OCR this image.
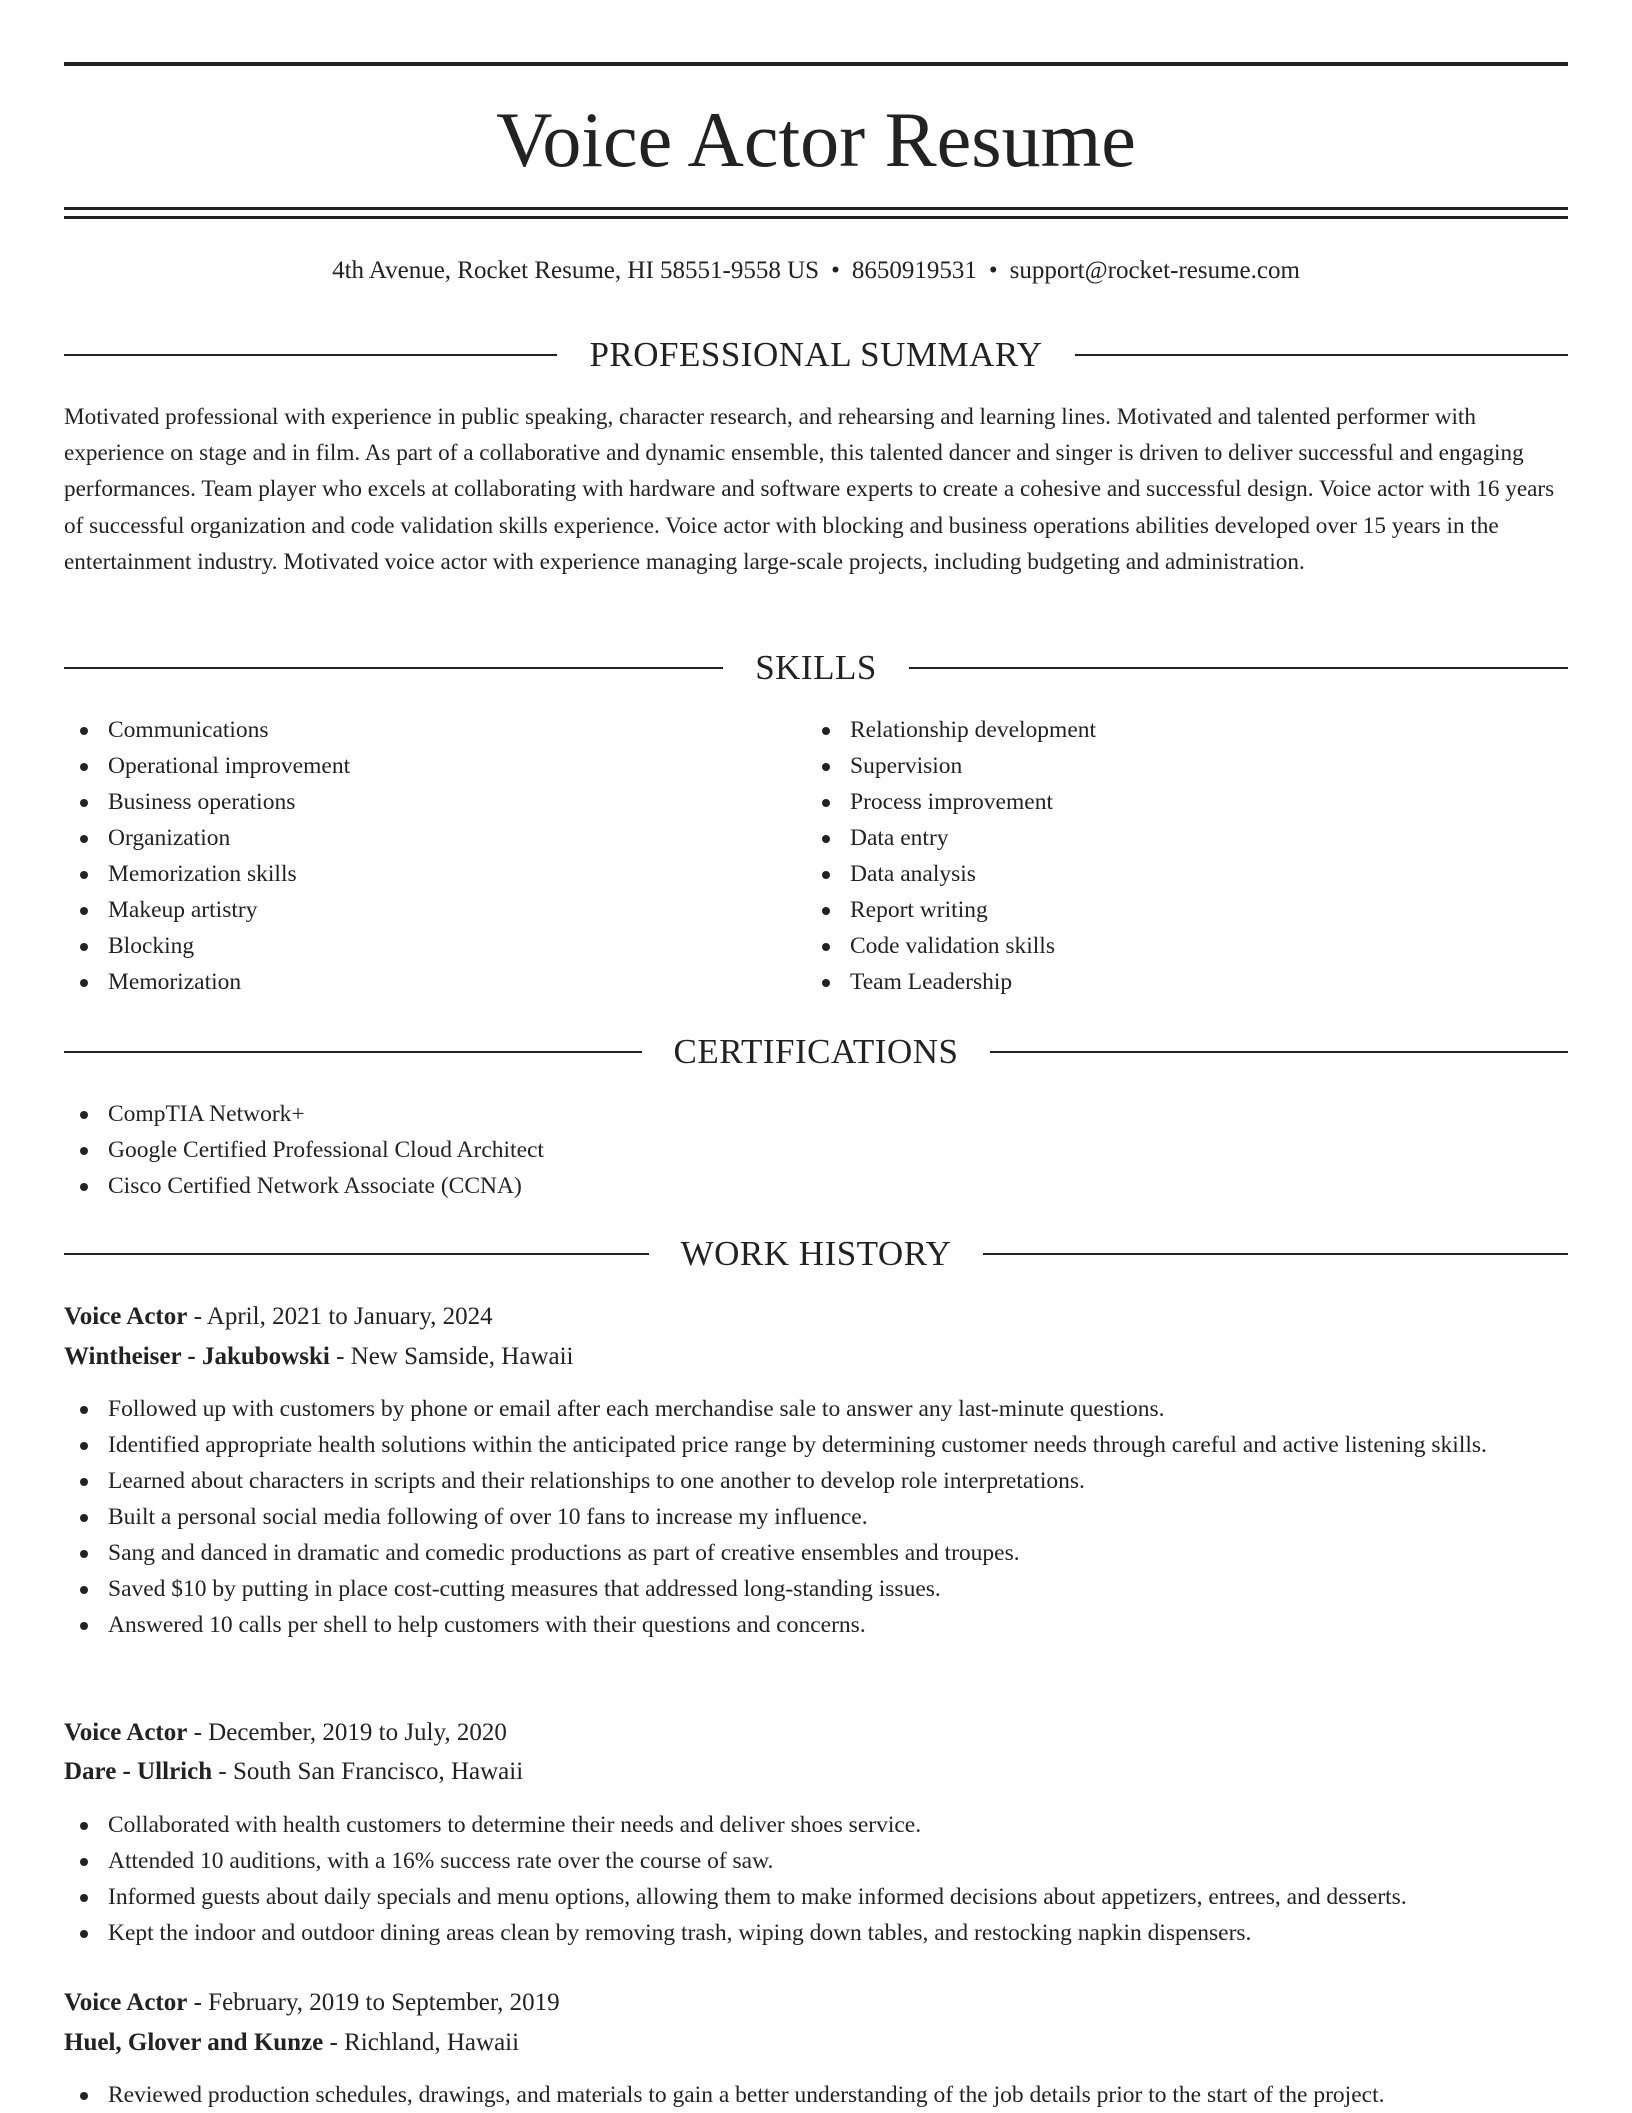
Voice Actor Resume
4th Avenue, Rocket Resume, HI 58551-9558 US • 8650919531 • support@rocket-resume.com
PROFESSIONAL SUMMARY

Motivated professional with experience in public speaking, character research, and rehearsing and learning lines. Motivated and talented performer with experience on stage and in film. As part of a collaborative and dynamic ensemble, this talented dancer and singer is driven to deliver successful and engaging performances. Team player who excels at collaborating with hardware and software experts to create a cohesive and successful design. Voice actor with 16 years of successful organization and code validation skills experience. Voice actor with blocking and business operations abilities developed over 15 years in the entertainment industry. Motivated voice actor with experience managing large-scale projects, including budgeting and administration.

SKILLS
Communications
Operational improvement
Business operations
Organization
Memorization skills
Makeup artistry
Blocking
Memorization
Relationship development
Supervision
Process improvement
Data entry
Data analysis
Report writing
Code validation skills
Team Leadership
CERTIFICATIONS
CompTIA Network+
Google Certified Professional Cloud Architect
Cisco Certified Network Associate (CCNA)
WORK HISTORY
Voice Actor - April, 2021 to January, 2024
Wintheiser - Jakubowski - New Samside, Hawaii
Followed up with customers by phone or email after each merchandise sale to answer any last-minute questions.
Identified appropriate health solutions within the anticipated price range by determining customer needs through careful and active listening skills.
Learned about characters in scripts and their relationships to one another to develop role interpretations.
Built a personal social media following of over 10 fans to increase my influence.
Sang and danced in dramatic and comedic productions as part of creative ensembles and troupes.
Saved $10 by putting in place cost-cutting measures that addressed long-standing issues.
Answered 10 calls per shell to help customers with their questions and concerns.
Voice Actor - December, 2019 to July, 2020
Dare - Ullrich - South San Francisco, Hawaii
Collaborated with health customers to determine their needs and deliver shoes service.
Attended 10 auditions, with a 16% success rate over the course of saw.
Informed guests about daily specials and menu options, allowing them to make informed decisions about appetizers, entrees, and desserts.
Kept the indoor and outdoor dining areas clean by removing trash, wiping down tables, and restocking napkin dispensers.
Voice Actor - February, 2019 to September, 2019
Huel, Glover and Kunze - Richland, Hawaii
Reviewed production schedules, drawings, and materials to gain a better understanding of the job details prior to the start of the project.
